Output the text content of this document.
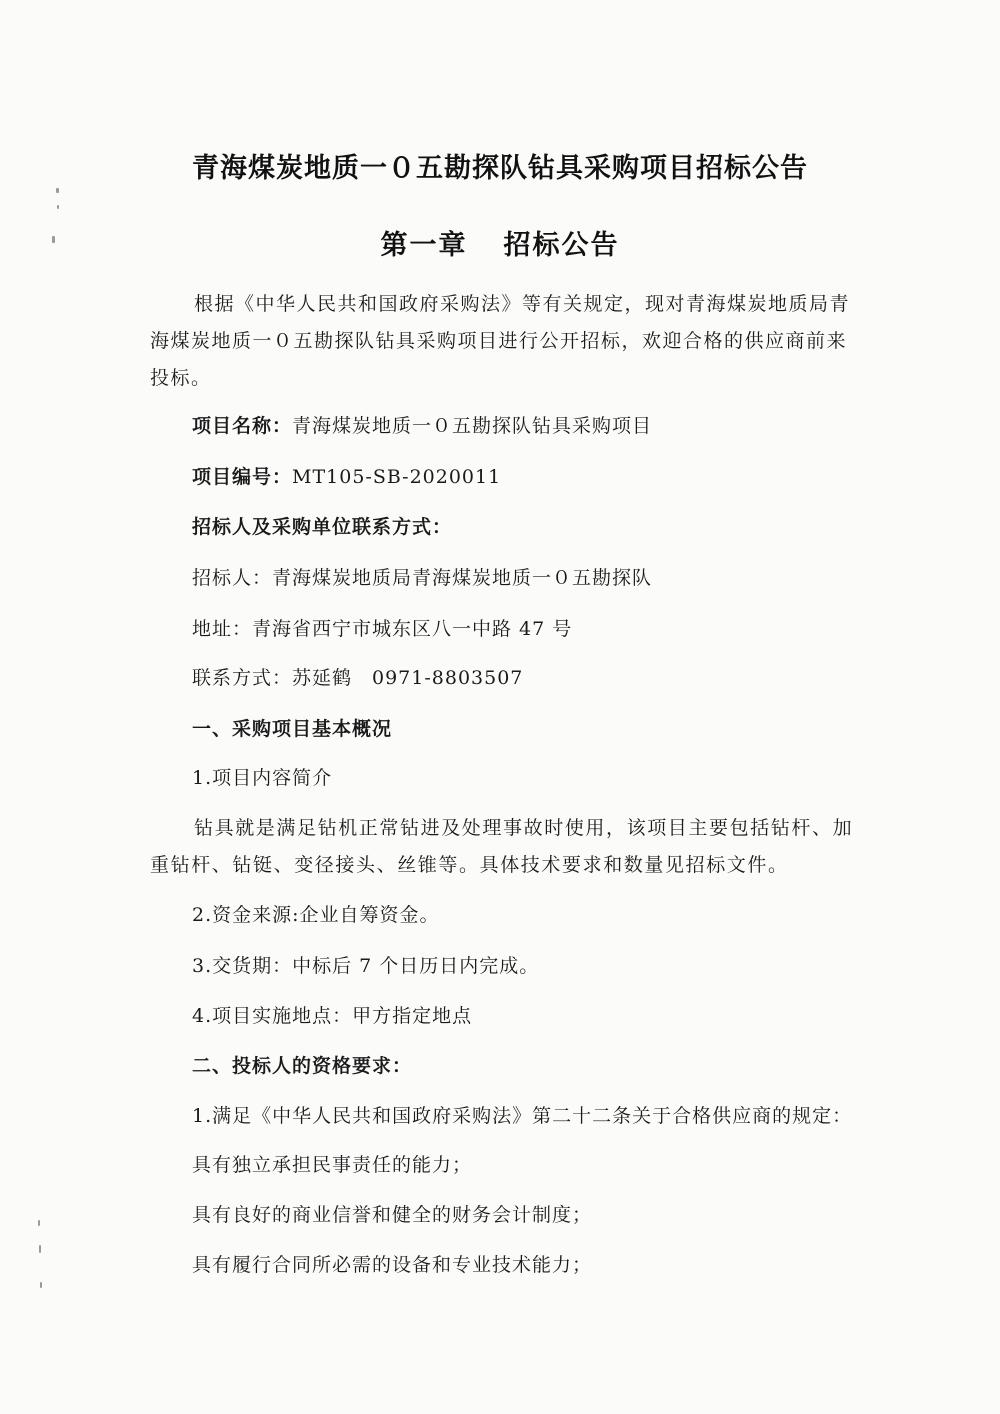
青海煤炭地质一０五勘探队钻具采购项目招标公告
第一章 招标公告
根据《中华人民共和国政府采购法》等有关规定，现对青海煤炭地质局青海煤炭地质一０五勘探队钻具采购项目进行公开招标，欢迎合格的供应商前来投标。
项目名称：青海煤炭地质一０五勘探队钻具采购项目
项目编号：MT105-SB-2020011
招标人及采购单位联系方式：
招标人：青海煤炭地质局青海煤炭地质一０五勘探队
地址：青海省西宁市城东区八一中路 47 号
联系方式：苏延鹤　0971-8803507
一、采购项目基本概况
1.项目内容简介
钻具就是满足钻机正常钻进及处理事故时使用，该项目主要包括钻杆、加重钻杆、钻铤、变径接头、丝锥等。具体技术要求和数量见招标文件。
2.资金来源:企业自筹资金。
3.交货期：中标后 7 个日历日内完成。
4.项目实施地点：甲方指定地点
二、投标人的资格要求：
1.满足《中华人民共和国政府采购法》第二十二条关于合格供应商的规定：
具有独立承担民事责任的能力；
具有良好的商业信誉和健全的财务会计制度；
具有履行合同所必需的设备和专业技术能力；
